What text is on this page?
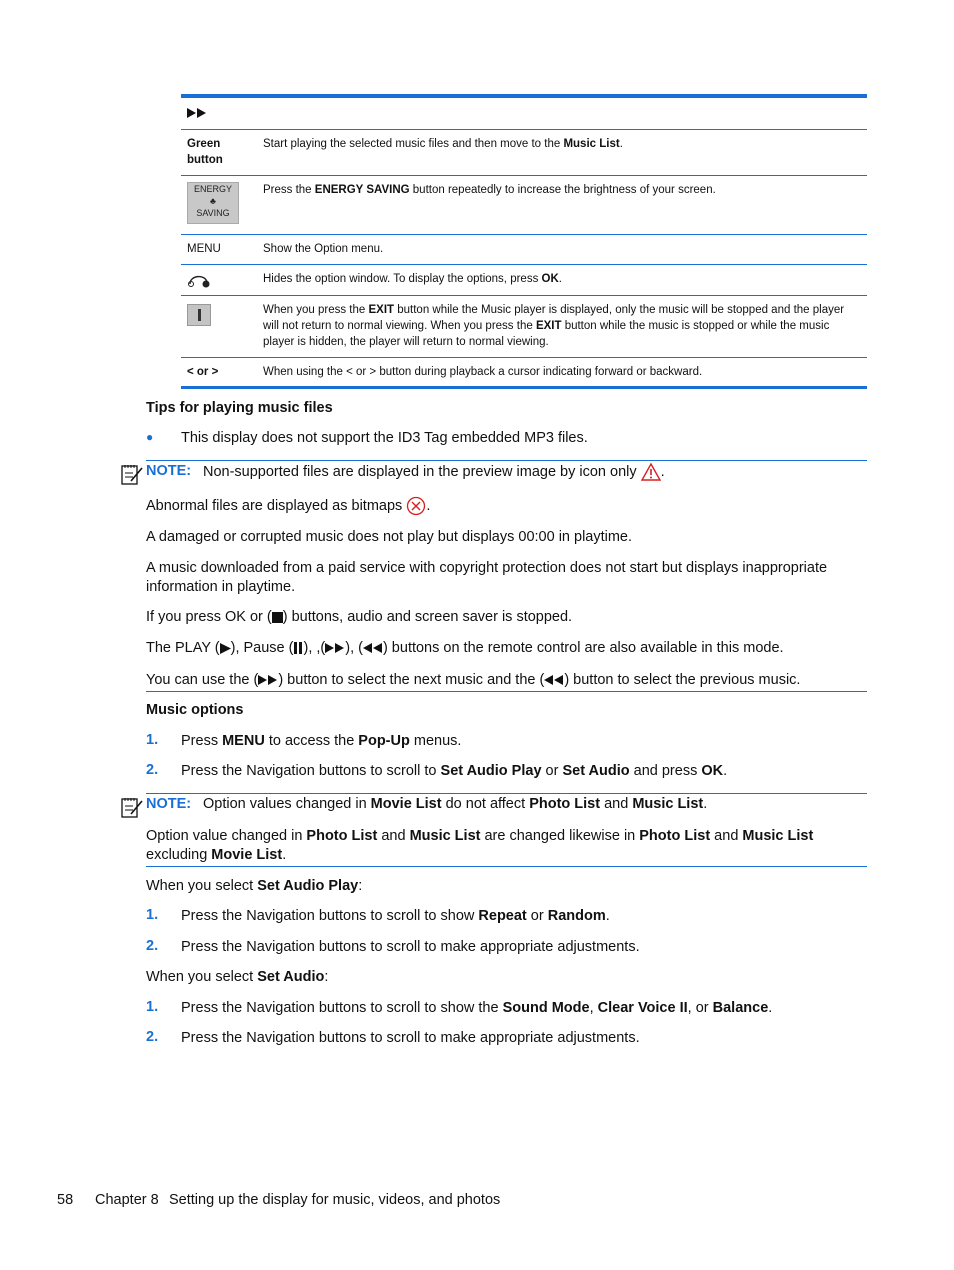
Green
button
Start playing the selected music files and then move to the Music List.
ENERGY
♣
SAVING
Press the ENERGY SAVING button repeatedly to increase the brightness of your screen.
MENU	Show the Option menu.
Hides the option window. To display the options, press OK.
When you press the EXIT button while the Music player is displayed, only the music will be stopped and the player will not return to normal viewing. When you press the EXIT button while the music is stopped or while the music player is hidden, the player will return to normal viewing.
< or >	When using the < or > button during playback a cursor indicating forward or backward.
Tips for playing music files
● This display does not support the ID3 Tag embedded MP3 files.
NOTE: Non-supported files are displayed in the preview image by icon only .
Abnormal files are displayed as bitmaps .
A damaged or corrupted music does not play but displays 00:00 in playtime.
A music downloaded from a paid service with copyright protection does not start but displays inappropriate information in playtime.
If you press OK or ( ) buttons, audio and screen saver is stopped.
The PLAY ( ), Pause ( ), ,( ), ( ) buttons on the remote control are also available in this mode.
You can use the ( ) button to select the next music and the ( ) button to select the previous music.
Music options
1. Press MENU to access the Pop-Up menus.
2. Press the Navigation buttons to scroll to Set Audio Play or Set Audio and press OK.
NOTE: Option values changed in Movie List do not affect Photo List and Music List.
Option value changed in Photo List and Music List are changed likewise in Photo List and Music List excluding Movie List.
When you select Set Audio Play:
1. Press the Navigation buttons to scroll to show Repeat or Random.
2. Press the Navigation buttons to scroll to make appropriate adjustments.
When you select Set Audio:
1. Press the Navigation buttons to scroll to show the Sound Mode, Clear Voice II, or Balance.
2. Press the Navigation buttons to scroll to make appropriate adjustments.
58 Chapter 8 Setting up the display for music, videos, and photos
